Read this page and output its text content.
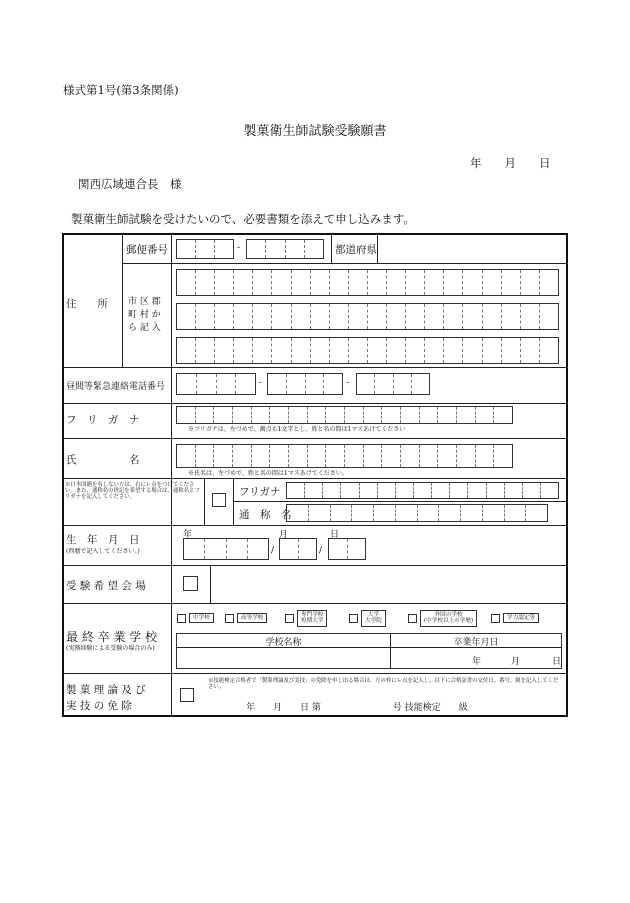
様式第1号(第3条関係)
製菓衛生師試験受験願書
年　　月　　日
関西広域連合長　様
製菓衛生師試験を受けたいので、必要書類を添えて申し込みます。
住　　所
郵便番号	-	都道府県
市 区 郡
町 村 か
ら 記 入
昼間等緊急連絡電話番号	-	-
フ　リ　ガ　ナ
※フリガナは、左づめで、濁点も1文字とし、姓と名の間は1マスあけてください
氏　　　　　名
※氏名は、左づめで、姓と名の間は1マスあけてください。
※日本国籍を有しない方は、右にレ点をつけてください。また、通称名の併記を希望する場合は、通称名とフリガナを記入してください。	フリガナ
通　称　名
生　年　月　日
(西暦で記入してください。)
年	月	日
/	/
受 験 希 望 会 場
最 終 卒 業 学 校
(実務経験による受験の場合のみ)
中学校	高等学校	専門学校
短期大学
大学
大学院
外国の学校
(中学校以上の学歴)
学力認定等
学校名称	卒業年月日
年	月	日
製 菓 理 論 及 び
実 技 の 免 除
※技能検定合格者で「製菓理論及び実技」の免除を申し出る場合は、左の枠にレ点を記入し、以下に合格証書の交付日、番号、級を記入してください。
年　　月　　日 第　　　　　　　　号 技能検定　　級
